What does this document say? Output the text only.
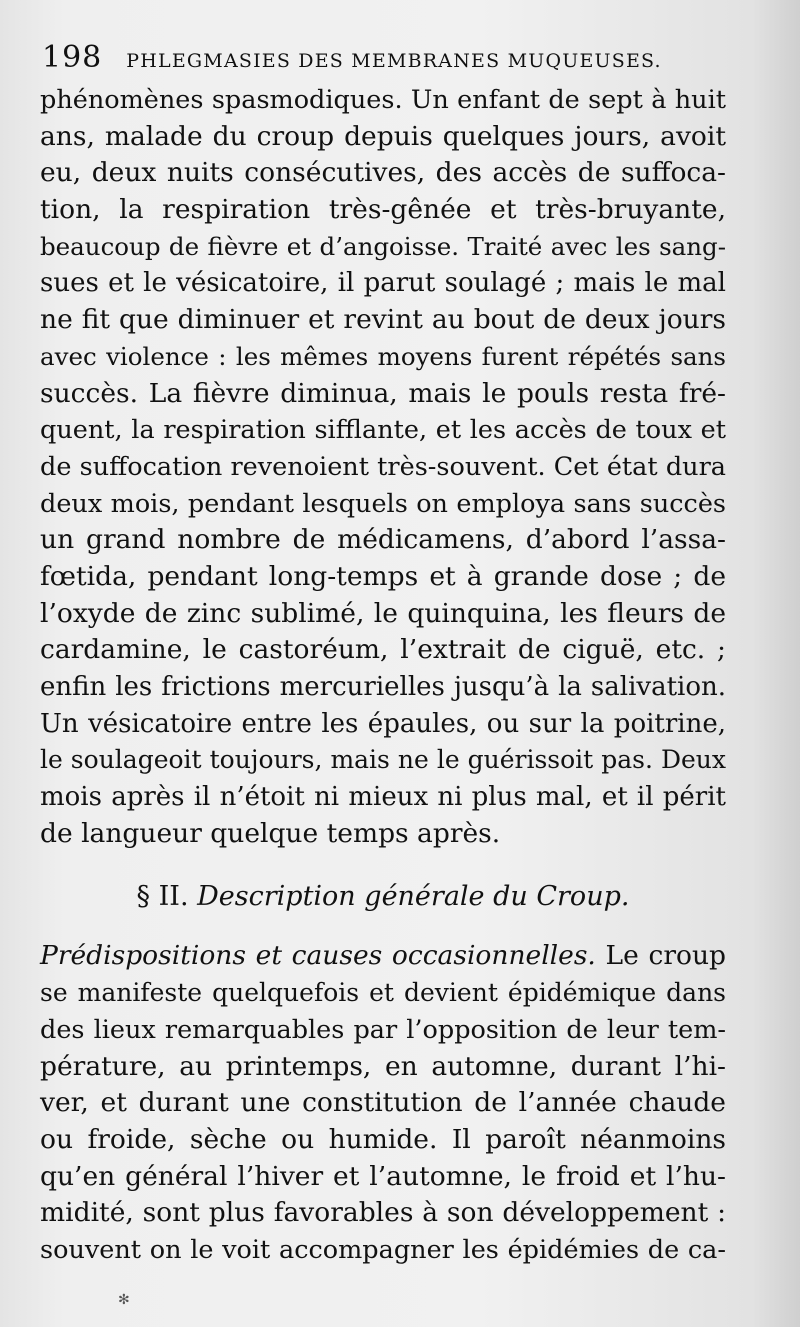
198 PHLEGMASIES DES MEMBRANES MUQUEUSES.
phénomènes spasmodiques. Un enfant de sept à huit
ans, malade du croup depuis quelques jours, avoit
eu, deux nuits consécutives, des accès de suffoca-
tion, la respiration très-gênée et très-bruyante,
beaucoup de fièvre et d’angoisse. Traité avec les sang-
sues et le vésicatoire, il parut soulagé ; mais le mal
ne fit que diminuer et revint au bout de deux jours
avec violence : les mêmes moyens furent répétés sans
succès. La fièvre diminua, mais le pouls resta fré-
quent, la respiration sifflante, et les accès de toux et
de suffocation revenoient très-souvent. Cet état dura
deux mois, pendant lesquels on employa sans succès
un grand nombre de médicamens, d’abord l’assa-
fœtida, pendant long-temps et à grande dose ; de
l’oxyde de zinc sublimé, le quinquina, les fleurs de
cardamine, le castoréum, l’extrait de ciguë, etc. ;
enfin les frictions mercurielles jusqu’à la salivation.
Un vésicatoire entre les épaules, ou sur la poitrine,
le soulageoit toujours, mais ne le guérissoit pas. Deux
mois après il n’étoit ni mieux ni plus mal, et il périt
de langueur quelque temps après.
§ II. Description générale du Croup.
Prédispositions et causes occasionnelles. Le croup
se manifeste quelquefois et devient épidémique dans
des lieux remarquables par l’opposition de leur tem-
pérature, au printemps, en automne, durant l’hi-
ver, et durant une constitution de l’année chaude
ou froide, sèche ou humide. Il paroît néanmoins
qu’en général l’hiver et l’automne, le froid et l’hu-
midité, sont plus favorables à son développement :
souvent on le voit accompagner les épidémies de ca-
✻
